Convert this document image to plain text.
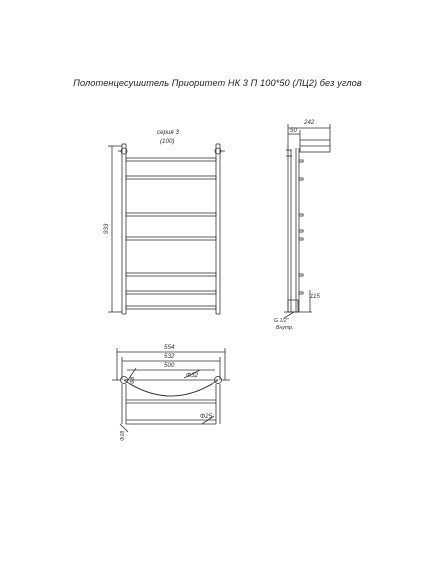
Полотенцесушитель Приоритет НК 3 П 100*50 (ЛЦ2) без углов
серия 3
(100)
933
242
50
115
G 1/2"
Внутр.
554
532
500
Φ32
Φ8
Φ25
Φ18
